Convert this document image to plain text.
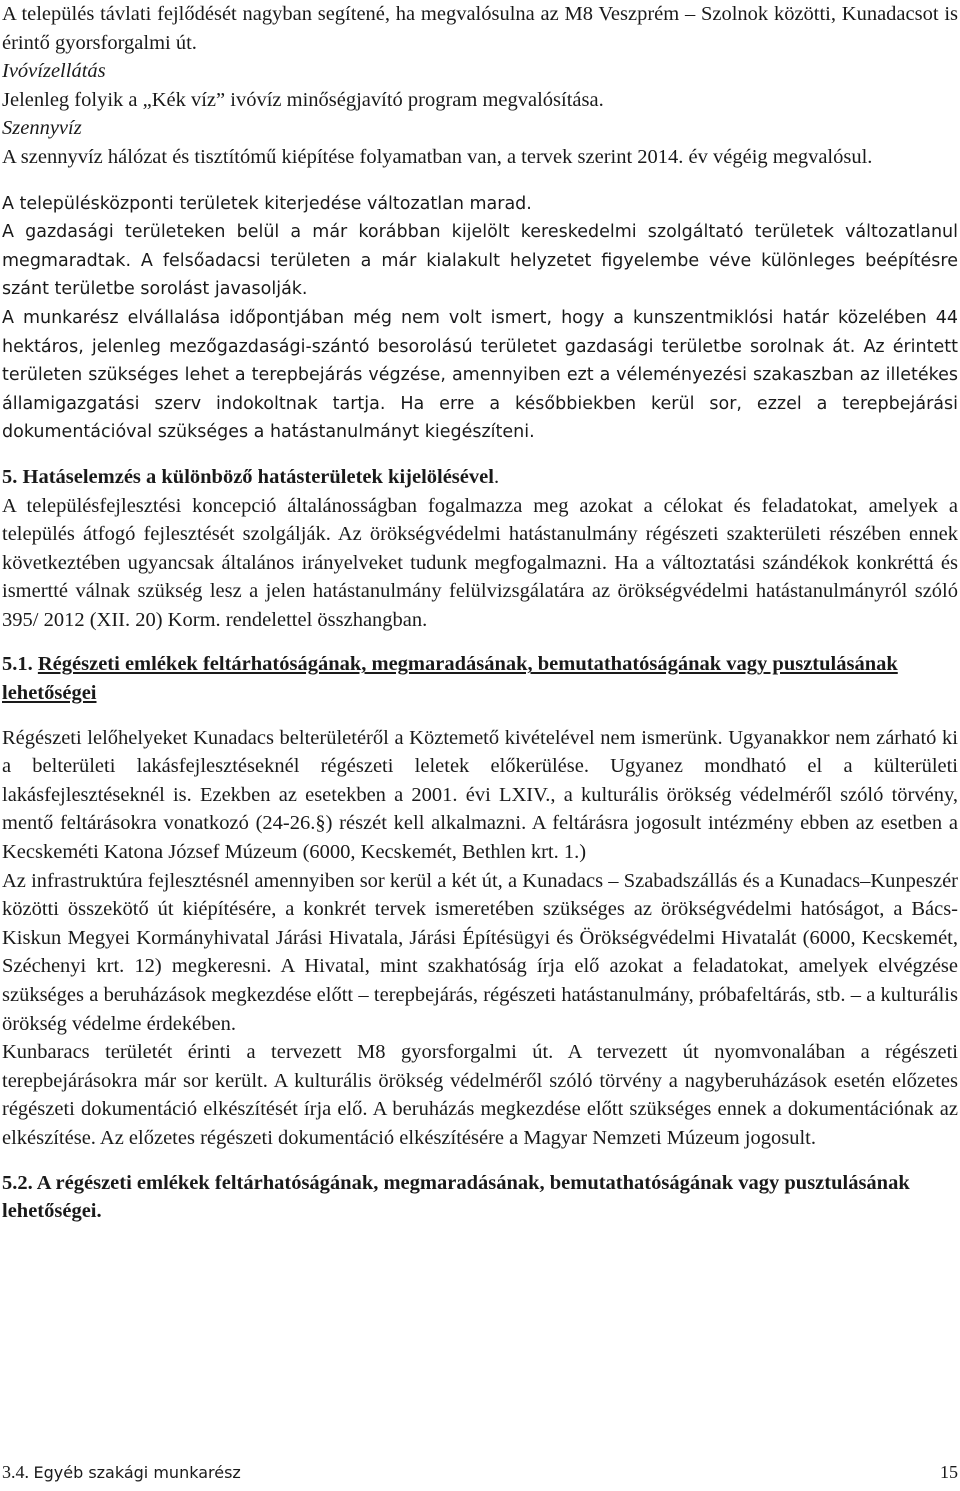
A település távlati fejlődését nagyban segítené, ha megvalósulna az M8 Veszprém – Szolnok közötti, Kunadacsot is érintő gyorsforgalmi út.
Ivóvízellátás
Jelenleg folyik a „Kék víz” ivóvíz minőségjavító program megvalósítása.
Szennyvíz
A szennyvíz hálózat és tisztítómű kiépítése folyamatban van, a tervek szerint 2014. év végéig megvalósul.
A településközponti területek kiterjedése változatlan marad.
A gazdasági területeken belül a már korábban kijelölt kereskedelmi szolgáltató területek változatlanul megmaradtak. A felsőadacsi területen a már kialakult helyzetet figyelembe véve különleges beépítésre szánt területbe sorolást javasolják.
A munkarész elvállalása időpontjában még nem volt ismert, hogy a kunszentmiklósi határ közelében 44 hektáros, jelenleg mezőgazdasági-szántó besorolású területet gazdasági területbe sorolnak át. Az érintett területen szükséges lehet a terepbejárás végzése, amennyiben ezt a véleményezési szakaszban az illetékes államigazgatási szerv indokoltnak tartja. Ha erre a későbbiekben kerül sor, ezzel a terepbejárási dokumentációval szükséges a hatástanulmányt kiegészíteni.
5. Hatáselemzés a különböző hatásterületek kijelölésével.
A településfejlesztési koncepció általánosságban fogalmazza meg azokat a célokat és feladatokat, amelyek a település átfogó fejlesztését szolgálják. Az örökségvédelmi hatástanulmány régészeti szakterületi részében ennek következtében ugyancsak általános irányelveket tudunk megfogalmazni. Ha a változtatási szándékok konkréttá és ismertté válnak szükség lesz a jelen hatástanulmány felülvizsgálatára az örökségvédelmi hatástanulmányról szóló 395/ 2012 (XII. 20) Korm. rendelettel összhangban.
5.1. Régészeti emlékek feltárhatóságának, megmaradásának, bemutathatóságának vagy pusztulásának lehetőségei
Régészeti lelőhelyeket Kunadacs belterületéről a Köztemető kivételével nem ismerünk. Ugyanakkor nem zárható ki a belterületi lakásfejlesztéseknél régészeti leletek előkerülése. Ugyanez mondható el a külterületi lakásfejlesztéseknél is. Ezekben az esetekben a 2001. évi LXIV., a kulturális örökség védelméről szóló törvény, mentő feltárásokra vonatkozó (24-26.§) részét kell alkalmazni. A feltárásra jogosult intézmény ebben az esetben a Kecskeméti Katona József Múzeum (6000, Kecskemét, Bethlen krt. 1.)
Az infrastruktúra fejlesztésnél amennyiben sor kerül a két út, a Kunadacs – Szabadszállás és a Kunadacs–Kunpeszér közötti összekötő út kiépítésére, a konkrét tervek ismeretében szükséges az örökségvédelmi hatóságot, a Bács-Kiskun Megyei Kormányhivatal Járási Hivatala, Járási Építésügyi és Örökségvédelmi Hivatalát (6000, Kecskemét, Széchenyi krt. 12) megkeresni. A Hivatal, mint szakhatóság írja elő azokat a feladatokat, amelyek elvégzése szükséges a beruházások megkezdése előtt – terepbejárás, régészeti hatástanulmány, próbafeltárás, stb. – a kulturális örökség védelme érdekében.
Kunbaracs területét érinti a tervezett M8 gyorsforgalmi út. A tervezett út nyomvonalában a régészeti terepbejárásokra már sor került. A kulturális örökség védelméről szóló törvény a nagyberuházások esetén előzetes régészeti dokumentáció elkészítését írja elő. A beruházás megkezdése előtt szükséges ennek a dokumentációnak az elkészítése. Az előzetes régészeti dokumentáció elkészítésére a Magyar Nemzeti Múzeum jogosult.
5.2. A régészeti emlékek feltárhatóságának, megmaradásának, bemutathatóságának vagy pusztulásának lehetőségei.
3.4. Egyéb szakági munkarész	15
